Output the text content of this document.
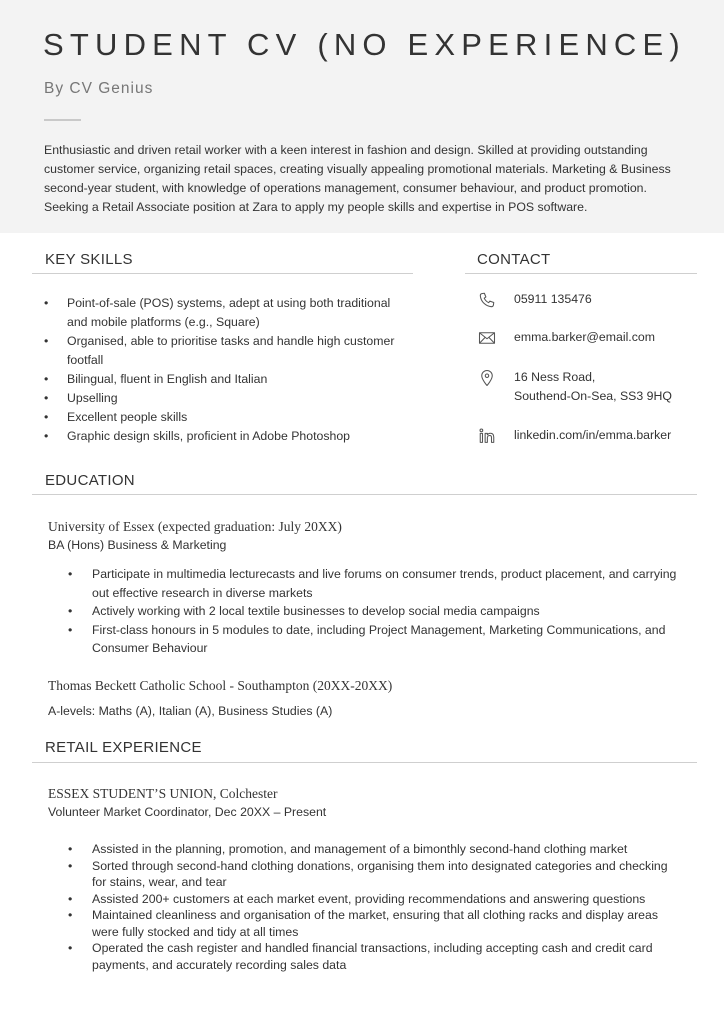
STUDENT CV (NO EXPERIENCE)
By CV Genius

Enthusiastic and driven retail worker with a keen interest in fashion and design. Skilled at providing outstanding customer service, organizing retail spaces, creating visually appealing promotional materials. Marketing & Business second-year student, with knowledge of operations management, consumer behaviour, and product promotion. Seeking a Retail Associate position at Zara to apply my people skills and expertise in POS software.

KEY SKILLS
• Point-of-sale (POS) systems, adept at using both traditional and mobile platforms (e.g., Square)
• Organised, able to prioritise tasks and handle high customer footfall
• Bilingual, fluent in English and Italian
• Upselling
• Excellent people skills
• Graphic design skills, proficient in Adobe Photoshop
CONTACT
05911 135476
emma.barker@email.com
16 Ness Road,
Southend-On-Sea, SS3 9HQ
linkedin.com/in/emma.barker
EDUCATION
University of Essex (expected graduation: July 20XX)
BA (Hons) Business & Marketing
• Participate in multimedia lecturecasts and live forums on consumer trends, product placement, and carrying out effective research in diverse markets
• Actively working with 2 local textile businesses to develop social media campaigns
• First-class honours in 5 modules to date, including Project Management, Marketing Communications, and Consumer Behaviour
Thomas Beckett Catholic School - Southampton (20XX-20XX)
A-levels: Maths (A), Italian (A), Business Studies (A)
RETAIL EXPERIENCE
ESSEX STUDENT’S UNION, Colchester
Volunteer Market Coordinator, Dec 20XX – Present
• Assisted in the planning, promotion, and management of a bimonthly second-hand clothing market
• Sorted through second-hand clothing donations, organising them into designated categories and checking for stains, wear, and tear
• Assisted 200+ customers at each market event, providing recommendations and answering questions
• Maintained cleanliness and organisation of the market, ensuring that all clothing racks and display areas were fully stocked and tidy at all times
• Operated the cash register and handled financial transactions, including accepting cash and credit card payments, and accurately recording sales data
